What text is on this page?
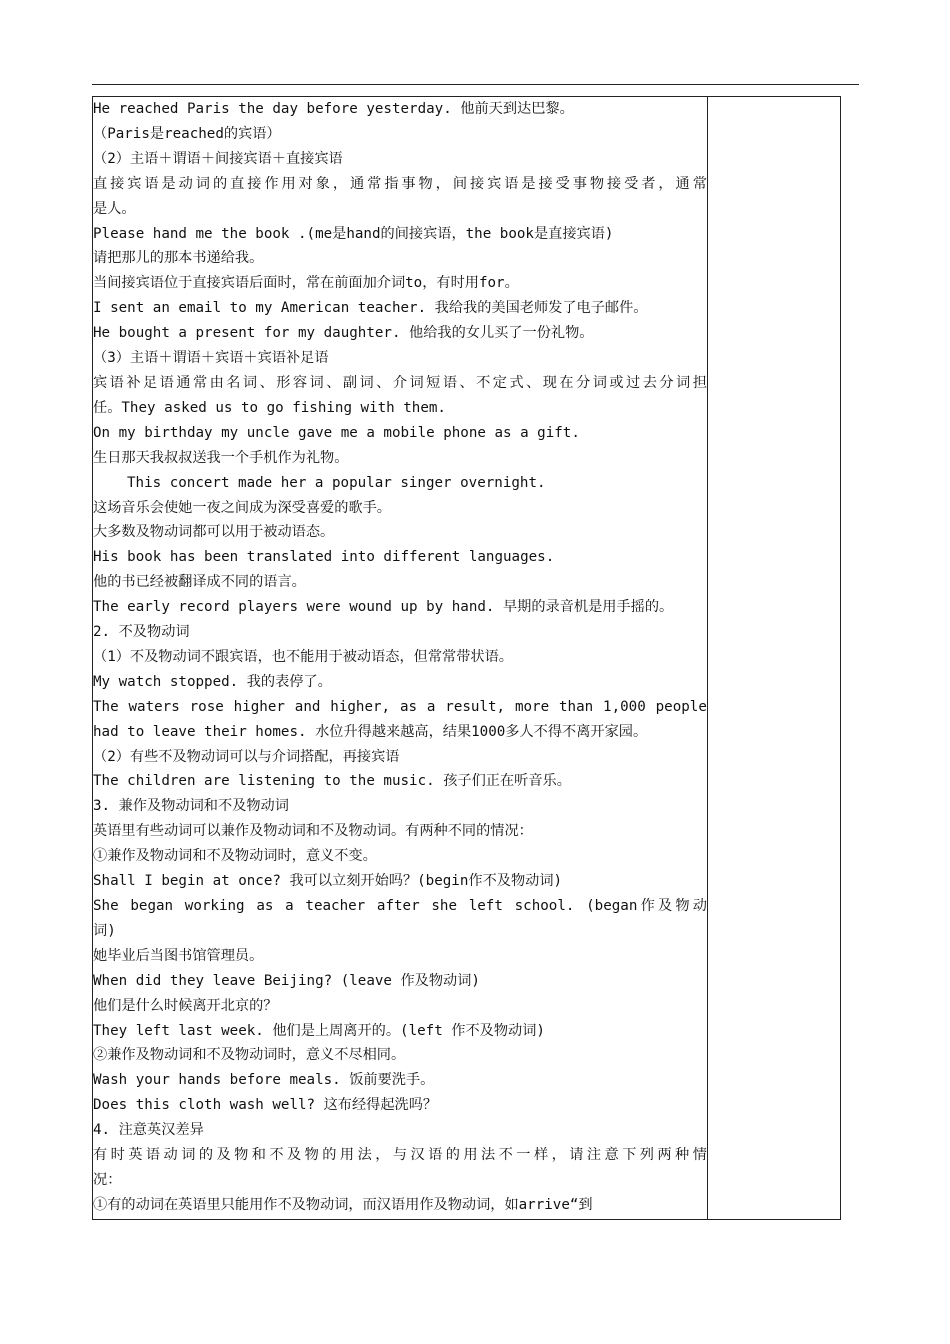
He reached Paris the day before yesterday. 他前天到达巴黎。
（Paris是reached的宾语）
（2）主语＋谓语＋间接宾语＋直接宾语
直接宾语是动词的直接作用对象，通常指事物，间接宾语是接受事物接受者，通常
是人。
Please hand me the book .(me是hand的间接宾语，the book是直接宾语)
请把那儿的那本书递给我。
当间接宾语位于直接宾语后面时，常在前面加介词to，有时用for。
I sent an email to my American teacher. 我给我的美国老师发了电子邮件。
He bought a present for my daughter. 他给我的女儿买了一份礼物。
（3）主语＋谓语＋宾语＋宾语补足语
宾语补足语通常由名词、形容词、副词、介词短语、不定式、现在分词或过去分词担
任。They asked us to go fishing with them.
On my birthday my uncle gave me a mobile phone as a gift.
生日那天我叔叔送我一个手机作为礼物。
This concert made her a popular singer overnight.
这场音乐会使她一夜之间成为深受喜爱的歌手。
大多数及物动词都可以用于被动语态。
His book has been translated into different languages.
他的书已经被翻译成不同的语言。
The early record players were wound up by hand. 早期的录音机是用手摇的。
2. 不及物动词
（1）不及物动词不跟宾语，也不能用于被动语态，但常常带状语。
My watch stopped. 我的表停了。
The waters rose higher and higher, as a result, more than 1,000 people
had to leave their homes. 水位升得越来越高，结果1000多人不得不离开家园。
（2）有些不及物动词可以与介词搭配，再接宾语
The children are listening to the music. 孩子们正在听音乐。
3. 兼作及物动词和不及物动词
英语里有些动词可以兼作及物动词和不及物动词。有两种不同的情况：
①兼作及物动词和不及物动词时，意义不变。
Shall I begin at once? 我可以立刻开始吗？(begin作不及物动词)
She began working as a teacher after she left school. (began作及物动
词)
她毕业后当图书馆管理员。
When did they leave Beijing? (leave 作及物动词)
他们是什么时候离开北京的？
They left last week. 他们是上周离开的。(left 作不及物动词)
②兼作及物动词和不及物动词时，意义不尽相同。
Wash your hands before meals. 饭前要洗手。
Does this cloth wash well? 这布经得起洗吗？
4. 注意英汉差异
有时英语动词的及物和不及物的用法，与汉语的用法不一样，请注意下列两种情
况：
①有的动词在英语里只能用作不及物动词，而汉语用作及物动词，如arrive“到
